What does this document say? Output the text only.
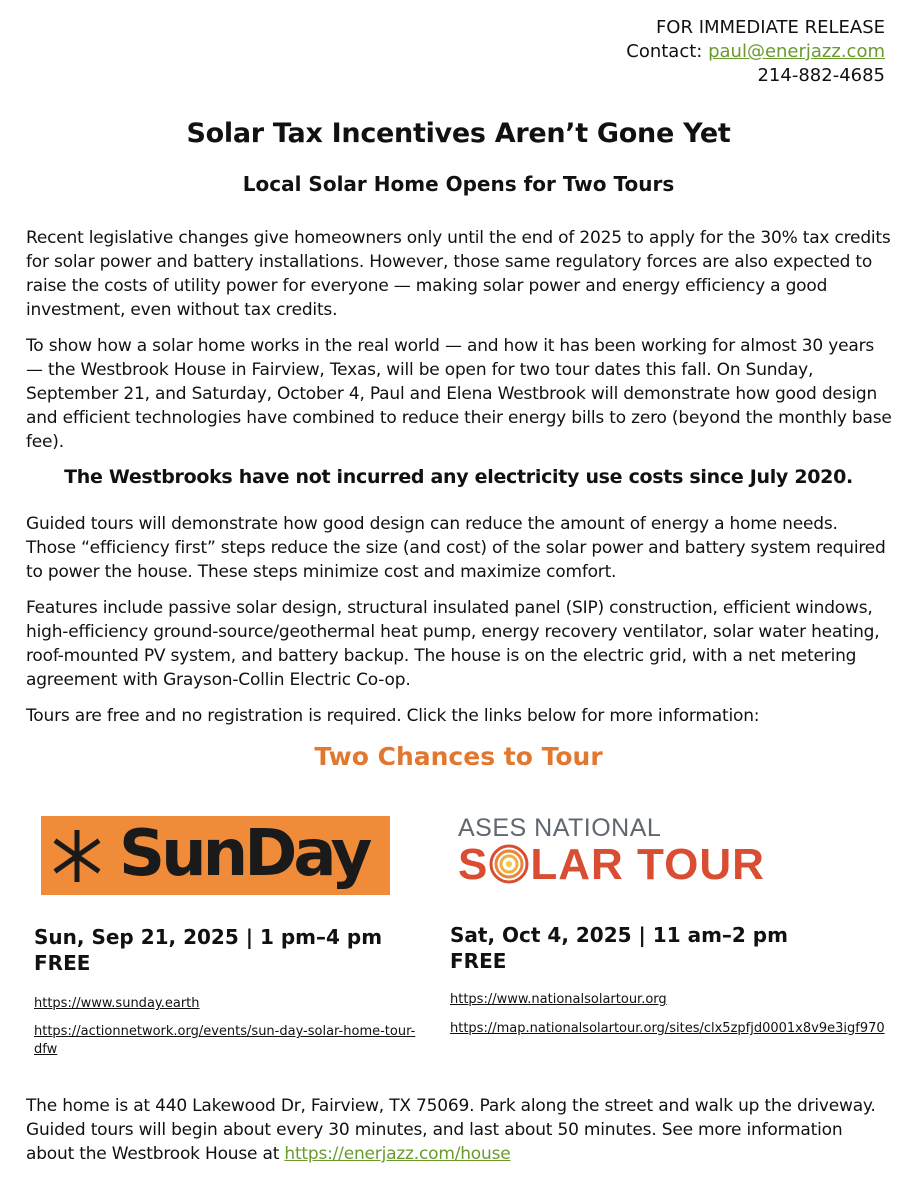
FOR IMMEDIATE RELEASE
Contact: paul@enerjazz.com
214-882-4685
Solar Tax Incentives Aren’t Gone Yet
Local Solar Home Opens for Two Tours

Recent legislative changes give homeowners only until the end of 2025 to apply for the 30% tax credits for solar power and battery installations. However, those same regulatory forces are also expected to raise the costs of utility power for everyone — making solar power and energy efficiency a good investment, even without tax credits.

To show how a solar home works in the real world — and how it has been working for almost 30 years — the Westbrook House in Fairview, Texas, will be open for two tour dates this fall. On Sunday, September 21, and Saturday, October 4, Paul and Elena Westbrook will demonstrate how good design and efficient technologies have combined to reduce their energy bills to zero (beyond the monthly base fee).

The Westbrooks have not incurred any electricity use costs since July 2020.

Guided tours will demonstrate how good design can reduce the amount of energy a home needs. Those “efficiency first” steps reduce the size (and cost) of the solar power and battery system required to power the house. These steps minimize cost and maximize comfort.

Features include passive solar design, structural insulated panel (SIP) construction, efficient windows, high-efficiency ground-source/geothermal heat pump, energy recovery ventilator, solar water heating, roof-mounted PV system, and battery backup. The house is on the electric grid, with a net metering agreement with Grayson-Collin Electric Co-op.

Tours are free and no registration is required. Click the links below for more information:

Two Chances to Tour
SunDay	ASES NATIONAL
S LAR TOUR
Sun, Sep 21, 2025 | 1 pm–4 pm
FREE
https://www.sunday.earth
https://actionnetwork.org/events/sun-day-solar-home-tour-dfw
Sat, Oct 4, 2025 | 11 am–2 pm
FREE
https://www.nationalsolartour.org
https://map.nationalsolartour.org/sites/clx5zpfjd0001x8v9e3igf970

The home is at 440 Lakewood Dr, Fairview, TX 75069. Park along the street and walk up the driveway. Guided tours will begin about every 30 minutes, and last about 50 minutes. See more information about the Westbrook House at https://enerjazz.com/house
